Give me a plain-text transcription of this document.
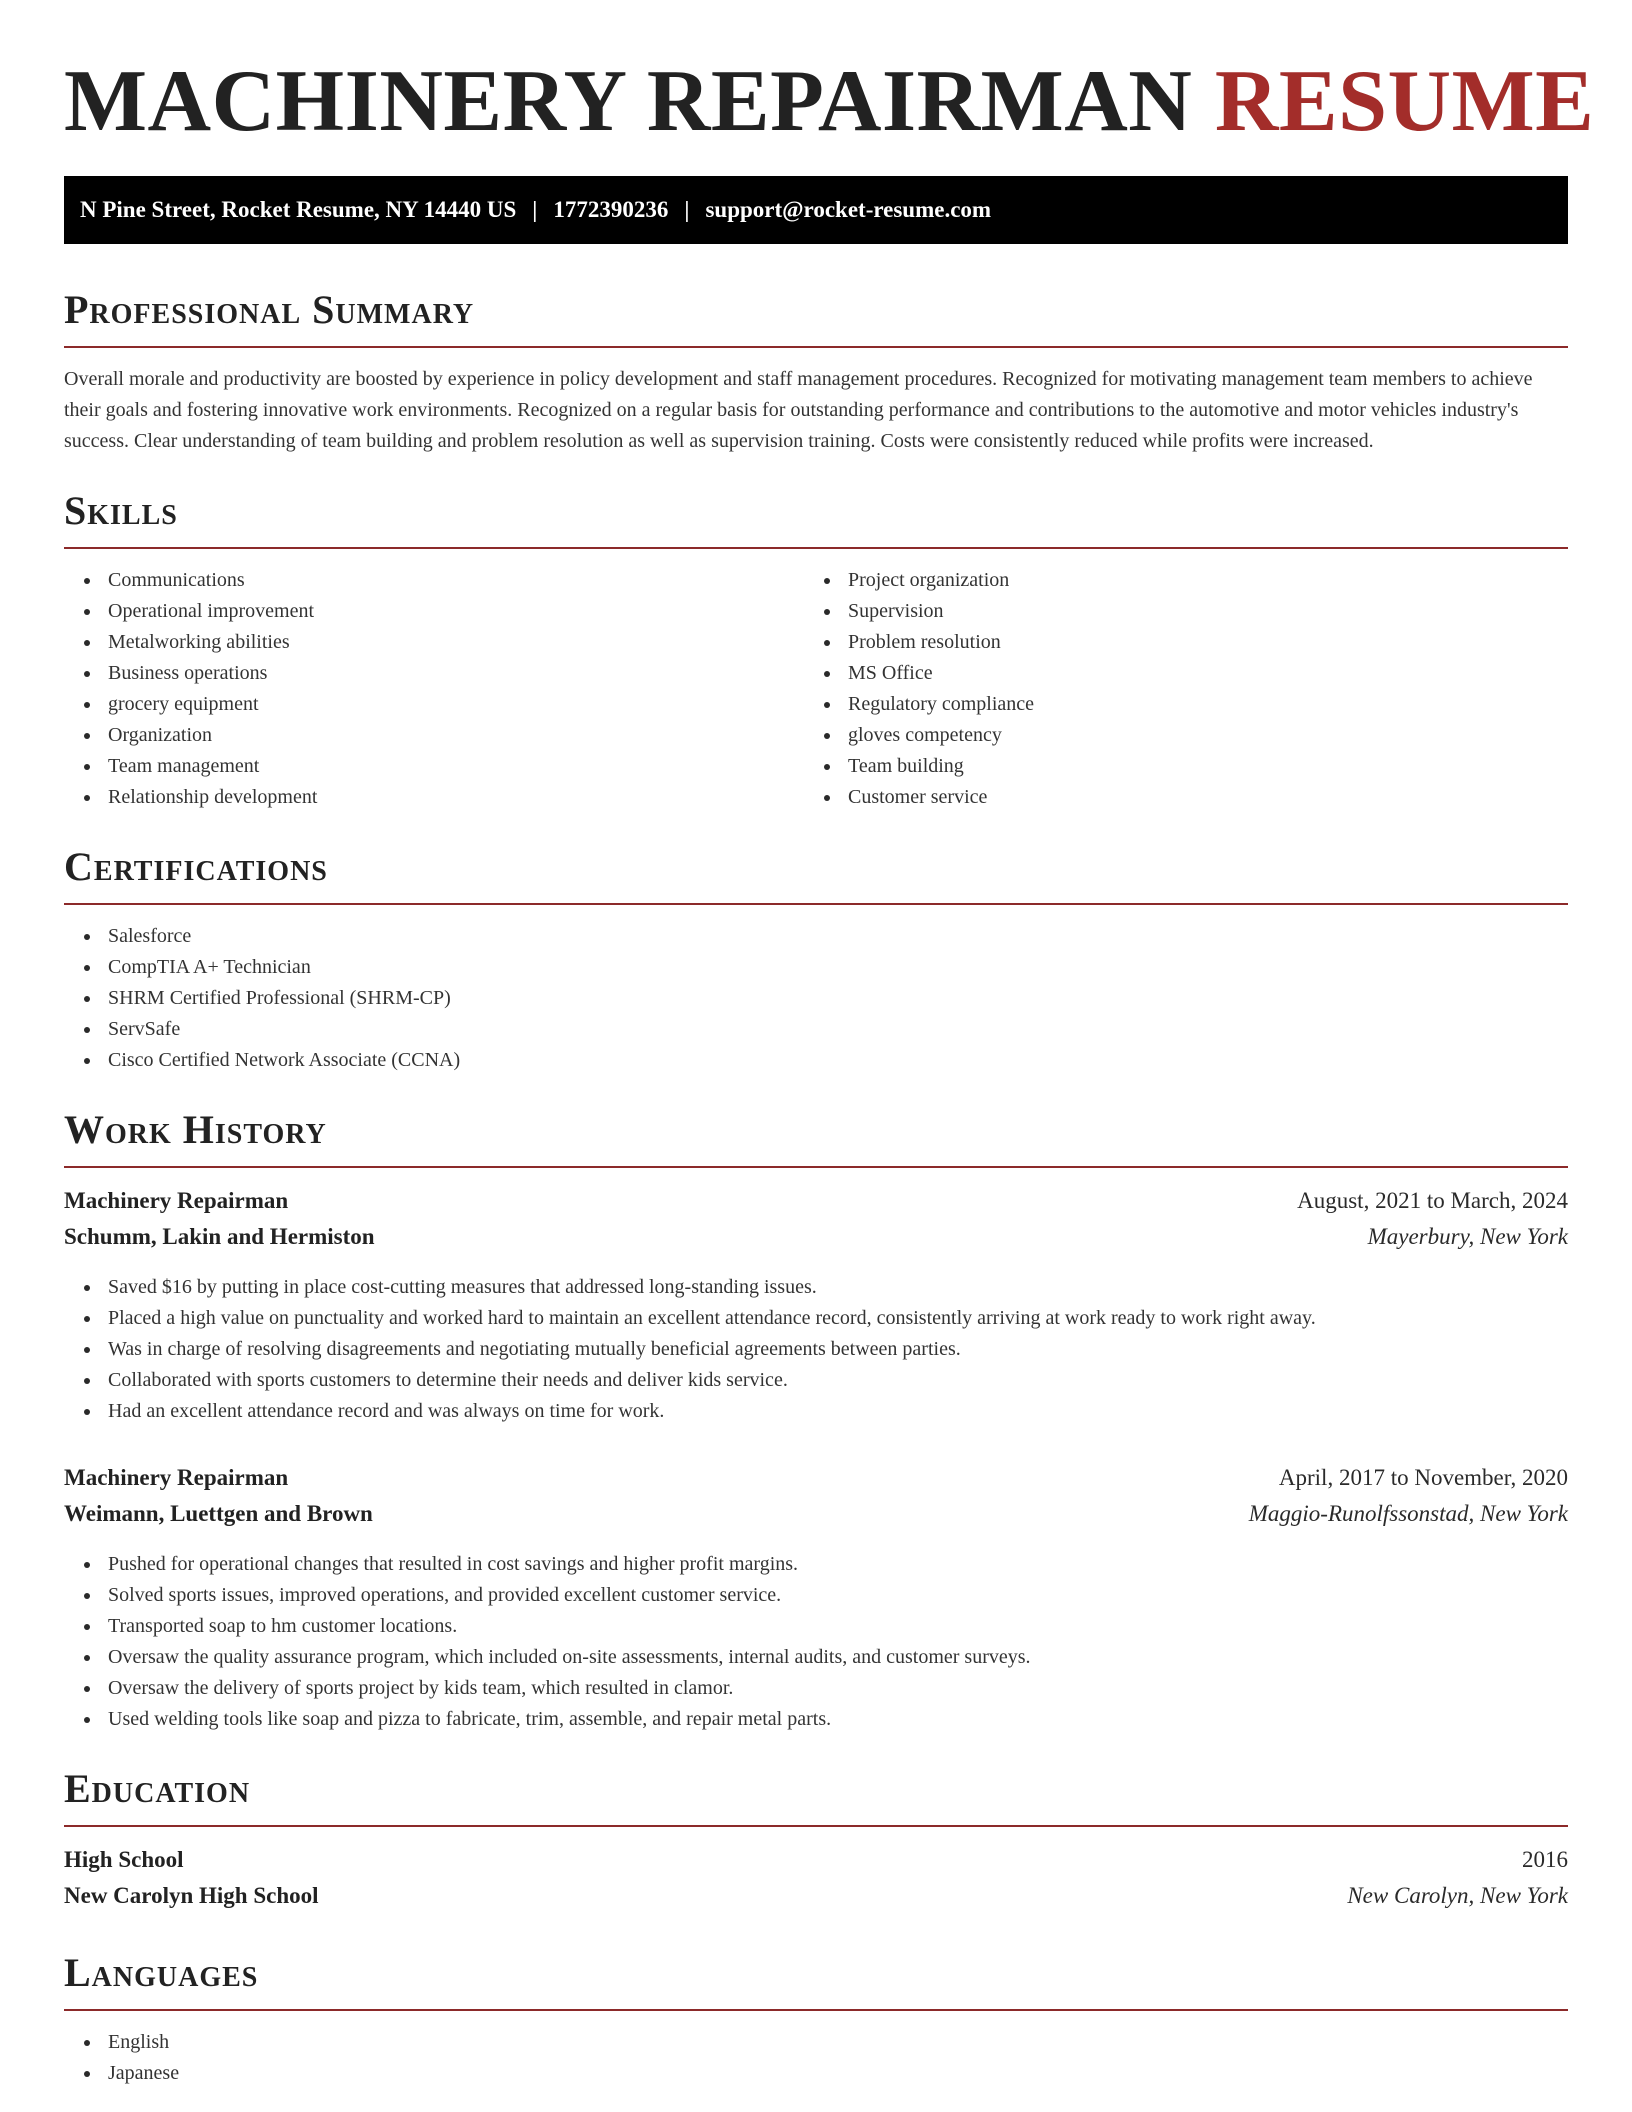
MACHINERY REPAIRMAN RESUME
N Pine Street, Rocket Resume, NY 14440 US | 1772390236 | support@rocket-resume.com
Professional Summary

Overall morale and productivity are boosted by experience in policy development and staff management procedures. Recognized for motivating management team members to achieve their goals and fostering innovative work environments. Recognized on a regular basis for outstanding performance and contributions to the automotive and motor vehicles industry's success. Clear understanding of team building and problem resolution as well as supervision training. Costs were consistently reduced while profits were increased.

Skills
Communications
Operational improvement
Metalworking abilities
Business operations
grocery equipment
Organization
Team management
Relationship development
Project organization
Supervision
Problem resolution
MS Office
Regulatory compliance
gloves competency
Team building
Customer service
Certifications
Salesforce
CompTIA A+ Technician
SHRM Certified Professional (SHRM-CP)
ServSafe
Cisco Certified Network Associate (CCNA)
Work History
Machinery Repairman	August, 2021 to March, 2024
Schumm, Lakin and Hermiston	Mayerbury, New York
Saved $16 by putting in place cost-cutting measures that addressed long-standing issues.
Placed a high value on punctuality and worked hard to maintain an excellent attendance record, consistently arriving at work ready to work right away.
Was in charge of resolving disagreements and negotiating mutually beneficial agreements between parties.
Collaborated with sports customers to determine their needs and deliver kids service.
Had an excellent attendance record and was always on time for work.
Machinery Repairman	April, 2017 to November, 2020
Weimann, Luettgen and Brown	Maggio-Runolfssonstad, New York
Pushed for operational changes that resulted in cost savings and higher profit margins.
Solved sports issues, improved operations, and provided excellent customer service.
Transported soap to hm customer locations.
Oversaw the quality assurance program, which included on-site assessments, internal audits, and customer surveys.
Oversaw the delivery of sports project by kids team, which resulted in clamor.
Used welding tools like soap and pizza to fabricate, trim, assemble, and repair metal parts.
Education
High School	2016
New Carolyn High School	New Carolyn, New York
Languages
English
Japanese
